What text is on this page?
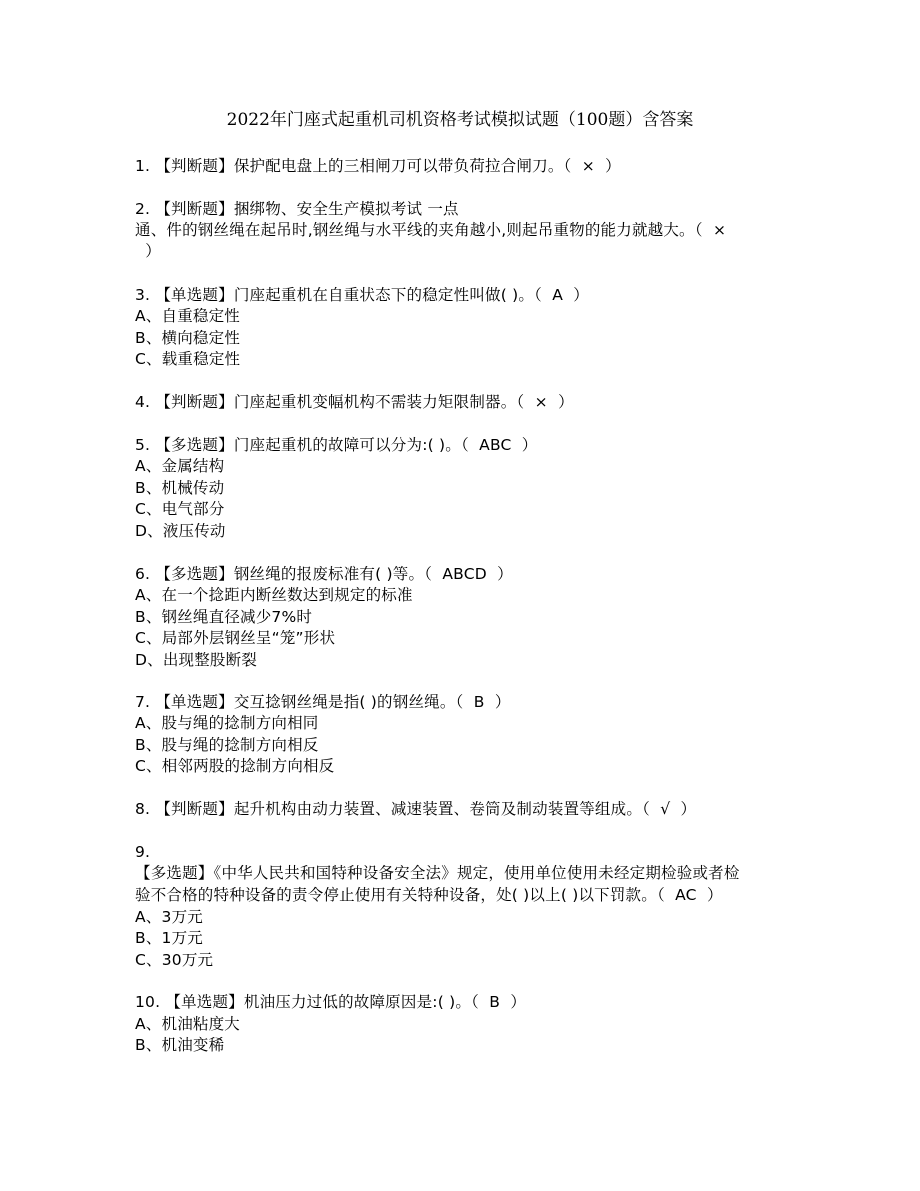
2022年门座式起重机司机资格考试模拟试题（100题）含答案
1. 【判断题】保护配电盘上的三相闸刀可以带负荷拉合闸刀。（  ×  ）
2. 【判断题】捆绑物、安全生产模拟考试 一点
通、件的钢丝绳在起吊时,钢丝绳与水平线的夹角越小,则起吊重物的能力就越大。（  ×
）
3. 【单选题】门座起重机在自重状态下的稳定性叫做( )。（  A  ）
A、自重稳定性
B、横向稳定性
C、载重稳定性
4. 【判断题】门座起重机变幅机构不需装力矩限制器。（  ×  ）
5. 【多选题】门座起重机的故障可以分为:( )。（  ABC  ）
A、金属结构
B、机械传动
C、电气部分
D、液压传动
6. 【多选题】钢丝绳的报废标准有( )等。（  ABCD  ）
A、在一个捻距内断丝数达到规定的标准
B、钢丝绳直径减少7%时
C、局部外层钢丝呈“笼”形状
D、出现整股断裂
7. 【单选题】交互捻钢丝绳是指( )的钢丝绳。（  B  ）
A、股与绳的捻制方向相同
B、股与绳的捻制方向相反
C、相邻两股的捻制方向相反
8. 【判断题】起升机构由动力装置、减速装置、卷筒及制动装置等组成。（  √  ）
9.
【多选题】《中华人民共和国特种设备安全法》规定，使用单位使用未经定期检验或者检
验不合格的特种设备的责令停止使用有关特种设备，处( )以上( )以下罚款。（  AC  ）
A、3万元
B、1万元
C、30万元
10. 【单选题】机油压力过低的故障原因是:( )。（  B  ）
A、机油粘度大
B、机油变稀
